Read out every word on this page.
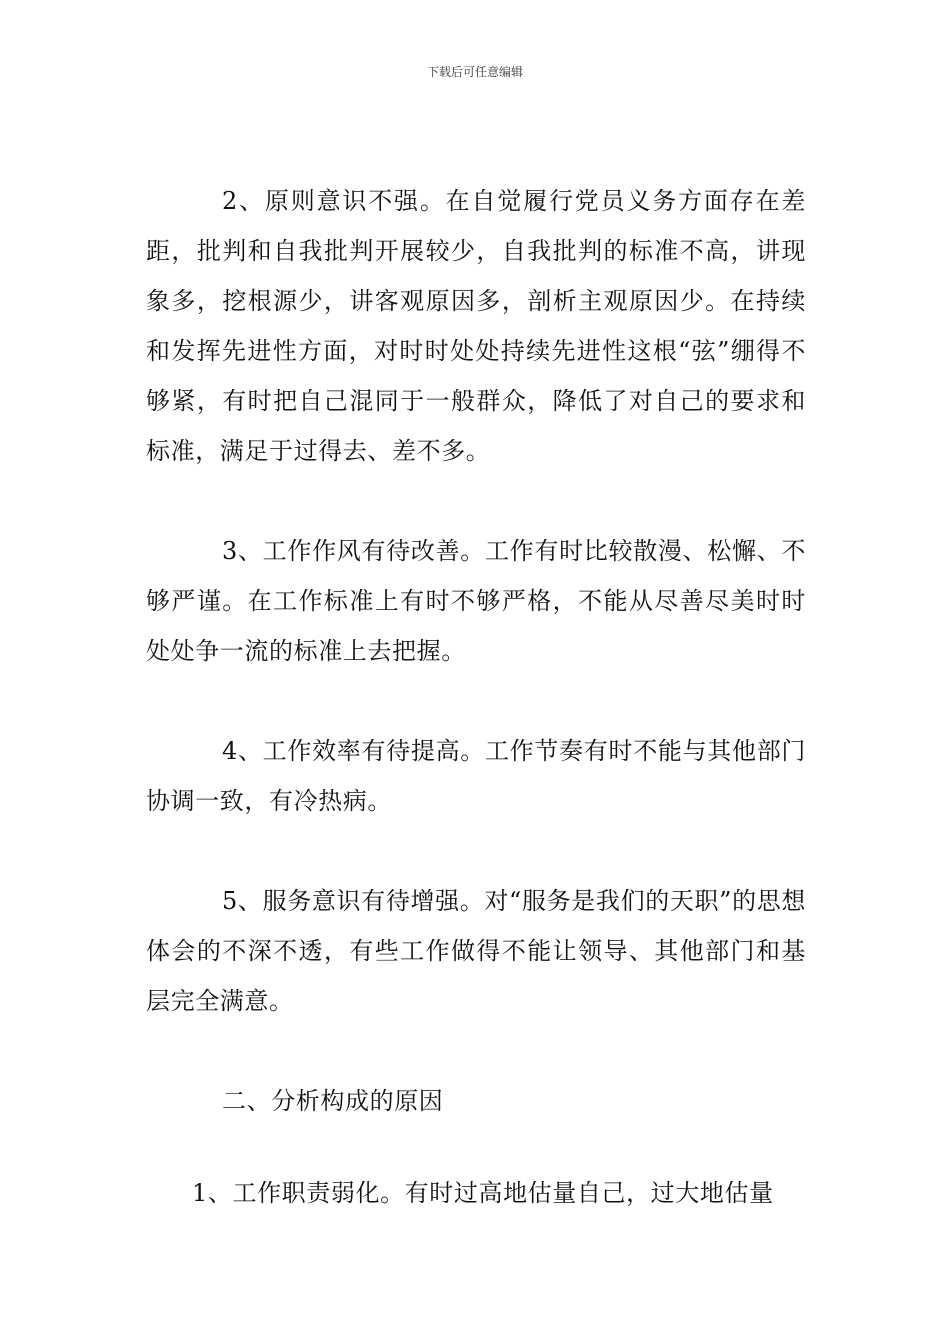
下载后可任意编辑

2、原则意识不强。在自觉履行党员义务方面存在差距，批判和自我批判开展较少，自我批判的标准不高，讲现象多，挖根源少，讲客观原因多，剖析主观原因少。在持续和发挥先进性方面，对时时处处持续先进性这根“弦”绷得不够紧，有时把自己混同于一般群众，降低了对自己的要求和标准，满足于过得去、差不多。

3、工作作风有待改善。工作有时比较散漫、松懈、不够严谨。在工作标准上有时不够严格，不能从尽善尽美时时处处争一流的标准上去把握。

4、工作效率有待提高。工作节奏有时不能与其他部门协调一致，有冷热病。

5、服务意识有待增强。对“服务是我们的天职”的思想体会的不深不透，有些工作做得不能让领导、其他部门和基层完全满意。

二、分析构成的原因

1、工作职责弱化。有时过高地估量自己，过大地估量
